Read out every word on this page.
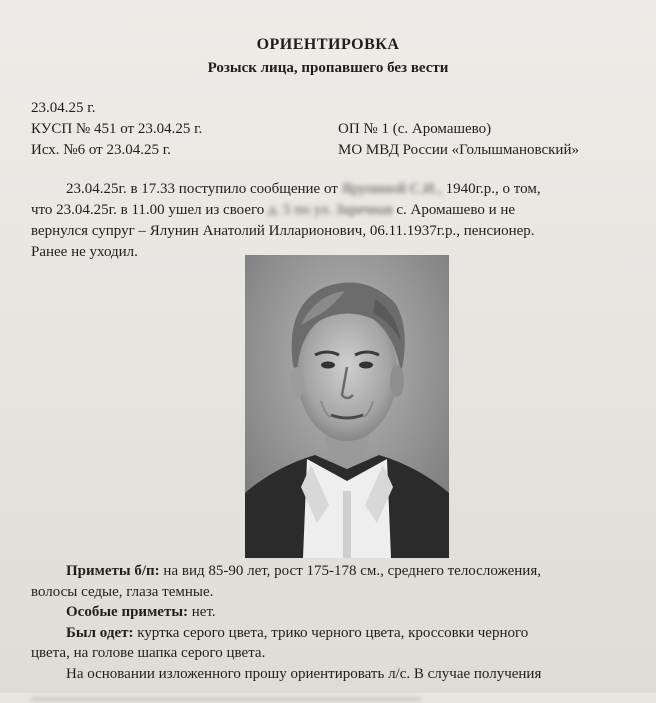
ОРИЕНТИРОВКА
Розыск лица, пропавшего без вести
23.04.25 г.
КУСП № 451 от 23.04.25 г.
Исх. №6 от 23.04.25 г.
ОП № 1 (с. Аромашево)
МО МВД России «Голышмановский»
23.04.25г. в 17.33 поступило сообщение от Яруниной С.И., 1940г.р., о том,
что 23.04.25г. в 11.00 ушел из своего д. 5 по ул. Заречная с. Аромашево и не
вернулся супруг – Ялунин Анатолий Илларионович, 06.11.1937г.р., пенсионер.
Ранее не уходил.
Приметы б/п: на вид 85-90 лет, рост 175-178 см., среднего телосложения,
волосы седые, глаза темные.
Особые приметы: нет.
Был одет: куртка серого цвета, трико черного цвета, кроссовки черного
цвета, на голове шапка серого цвета.
На основании изложенного прошу ориентировать л/с. В случае получения
____________________________________________________
